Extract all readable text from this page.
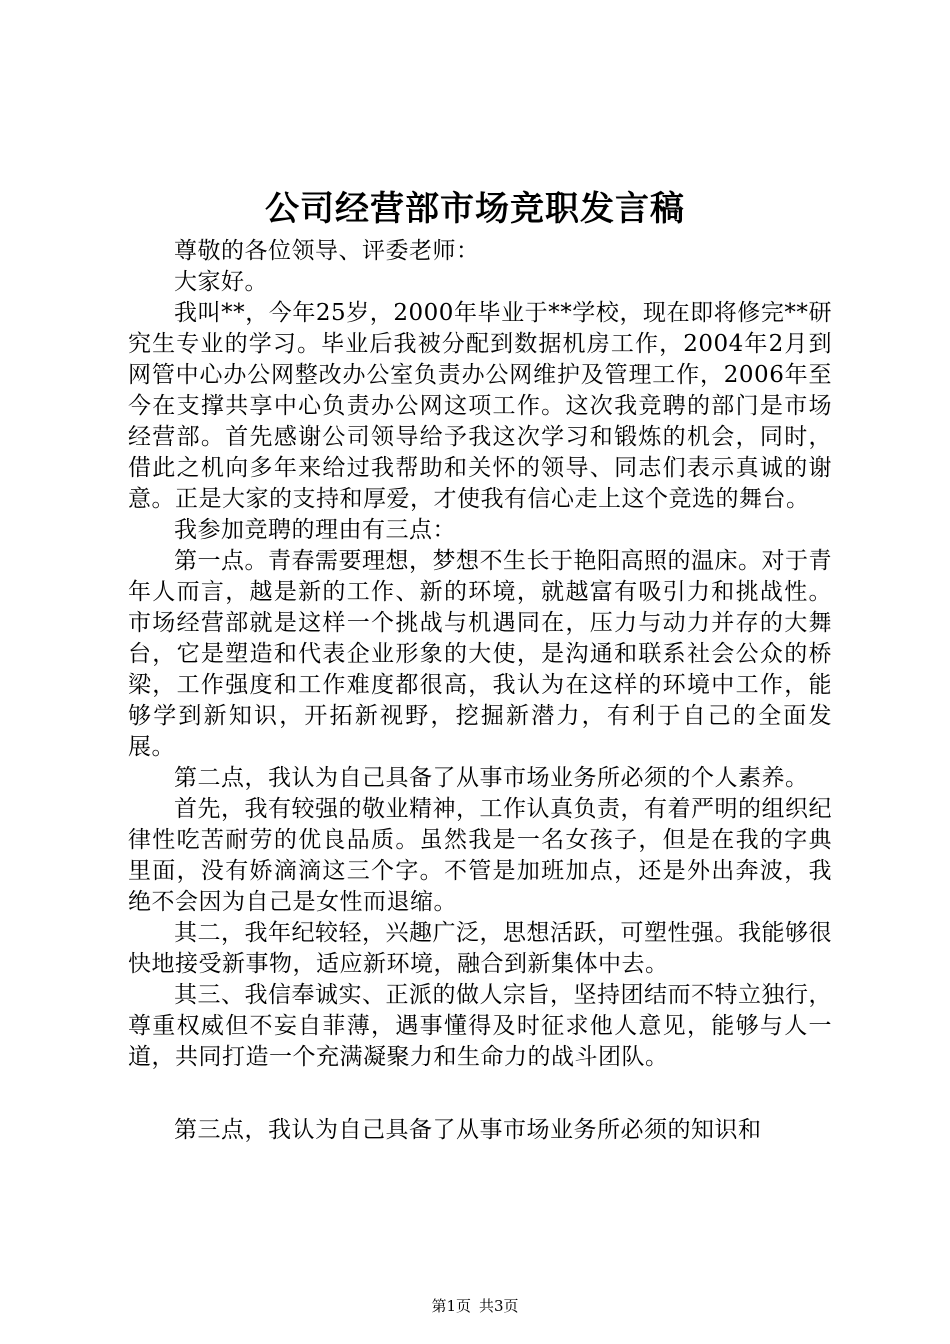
公司经营部市场竞职发言稿

尊敬的各位领导、评委老师：

大家好。

我叫**，今年25岁，2000年毕业于**学校，现在即将修完**研究生专业的学习。毕业后我被分配到数据机房工作，2004年2月到网管中心办公网整改办公室负责办公网维护及管理工作，2006年至今在支撑共享中心负责办公网这项工作。这次我竞聘的部门是市场经营部。首先感谢公司领导给予我这次学习和锻炼的机会，同时，借此之机向多年来给过我帮助和关怀的领导、同志们表示真诚的谢意。正是大家的支持和厚爱，才使我有信心走上这个竞选的舞台。

我参加竞聘的理由有三点：

第一点。青春需要理想，梦想不生长于艳阳高照的温床。对于青年人而言，越是新的工作、新的环境，就越富有吸引力和挑战性。市场经营部就是这样一个挑战与机遇同在，压力与动力并存的大舞台，它是塑造和代表企业形象的大使，是沟通和联系社会公众的桥梁，工作强度和工作难度都很高，我认为在这样的环境中工作，能够学到新知识，开拓新视野，挖掘新潜力，有利于自己的全面发展。

第二点，我认为自己具备了从事市场业务所必须的个人素养。

首先，我有较强的敬业精神，工作认真负责，有着严明的组织纪律性吃苦耐劳的优良品质。虽然我是一名女孩子，但是在我的字典里面，没有娇滴滴这三个字。不管是加班加点，还是外出奔波，我绝不会因为自己是女性而退缩。

其二，我年纪较轻，兴趣广泛，思想活跃，可塑性强。我能够很快地接受新事物，适应新环境，融合到新集体中去。

其三、我信奉诚实、正派的做人宗旨，坚持团结而不特立独行，尊重权威但不妄自菲薄，遇事懂得及时征求他人意见，能够与人一道，共同打造一个充满凝聚力和生命力的战斗团队。

第三点，我认为自己具备了从事市场业务所必须的知识和

第1页 共3页
